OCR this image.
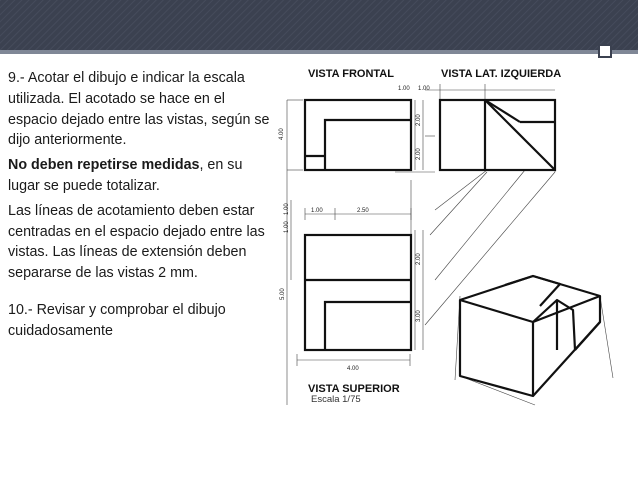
9.- Acotar el dibujo e indicar la escala utilizada. El acotado se hace en el espacio dejado entre las vistas, según se dijo anteriormente.

No deben repetirse medidas, en su lugar se puede totalizar.

Las líneas de acotamiento deben estar centradas en el espacio dejado entre las vistas. Las líneas de extensión deben separarse de las vistas 2 mm.

10.- Revisar y comprobar el dibujo cuidadosamente

VISTA FRONTAL	VISTA LAT. IZQUIERDA
VISTA SUPERIOR
Escala 1/75
1.00 1.00
4.00
2.00
2.00
1.00	2.50
1.00
1.00
5.00
2.00
3.00
4.00
